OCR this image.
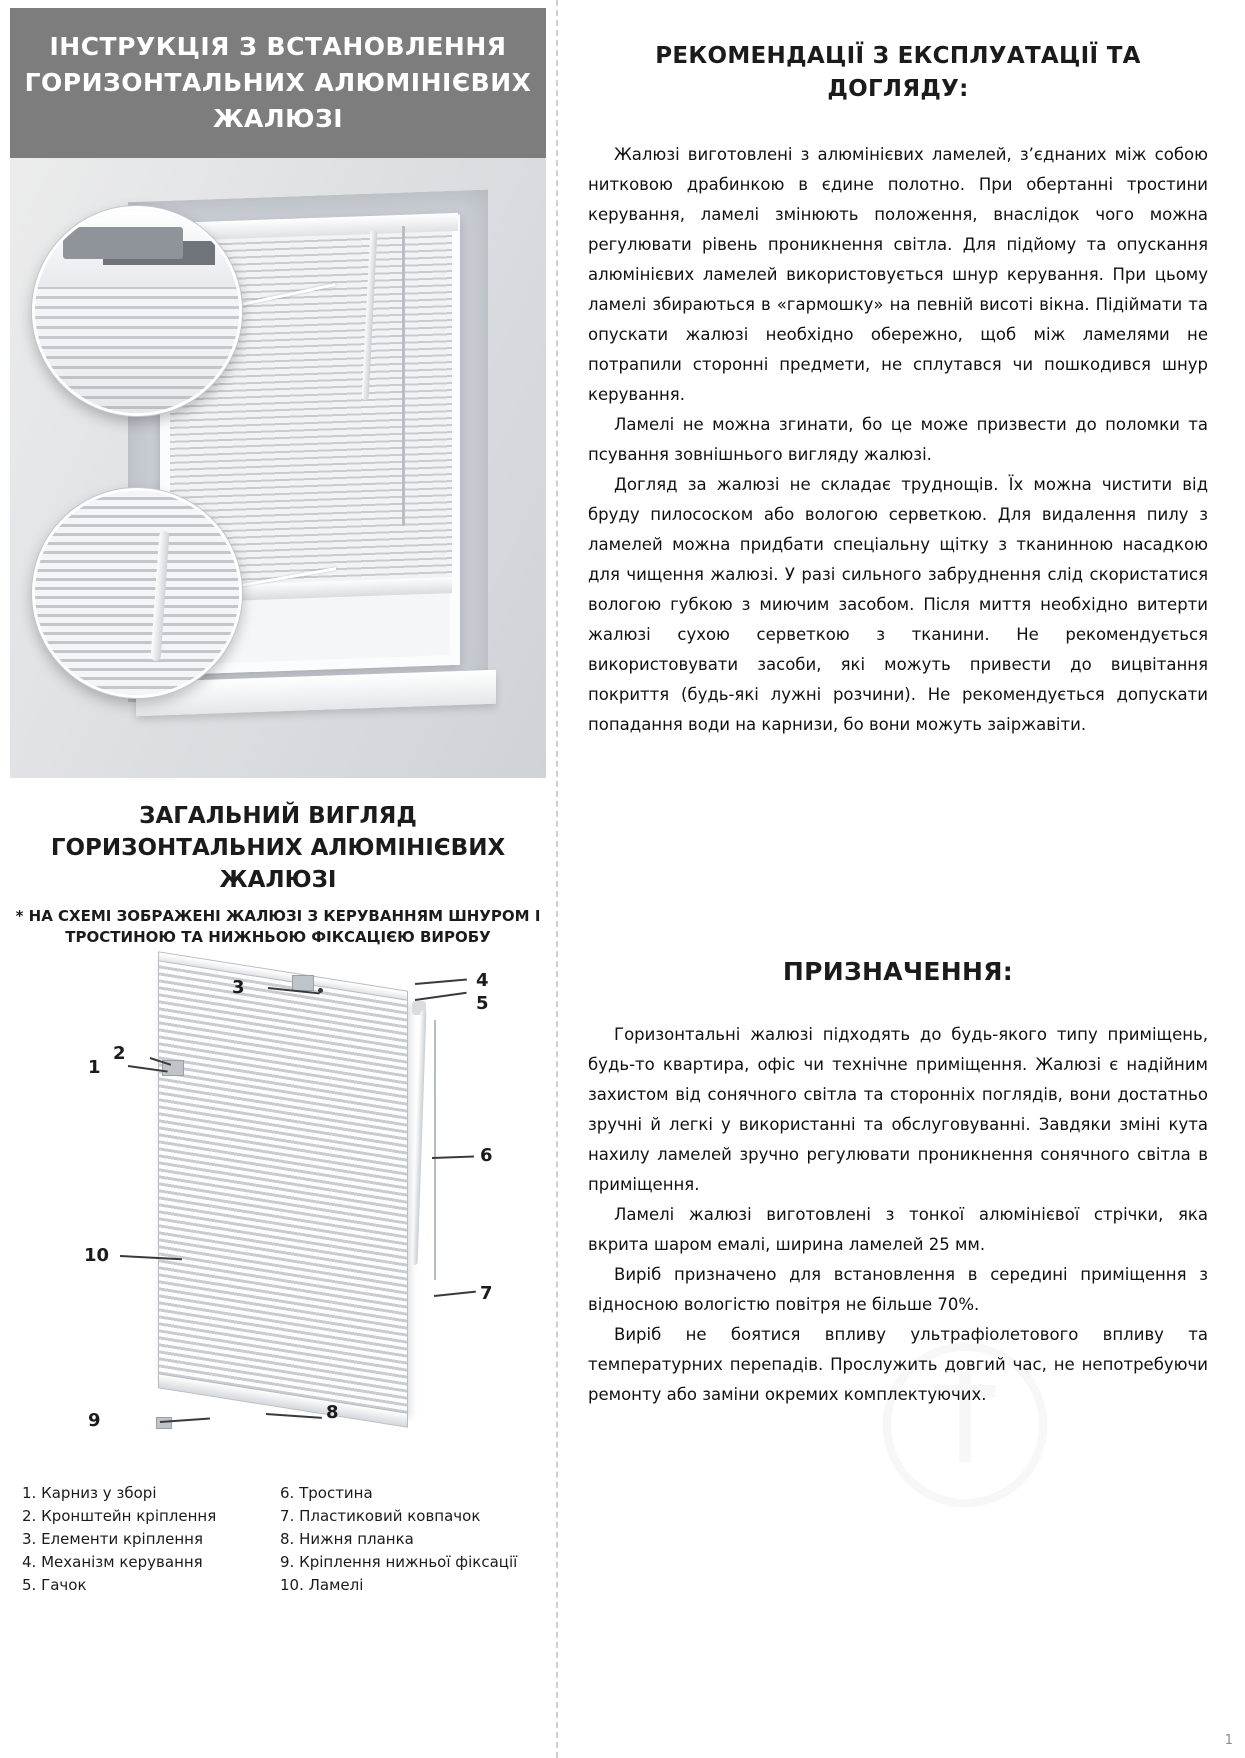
ІНСТРУКЦІЯ З ВСТАНОВЛЕННЯ ГОРИЗОНТАЛЬНИХ АЛЮМІНІЄВИХ ЖАЛЮЗІ
ЗАГАЛЬНИЙ ВИГЛЯД ГОРИЗОНТАЛЬНИХ АЛЮМІНІЄВИХ ЖАЛЮЗІ
* НА СХЕМІ ЗОБРАЖЕНІ ЖАЛЮЗІ З КЕРУВАННЯМ ШНУРОМ І ТРОСТИНОЮ ТА НИЖНЬОЮ ФІКСАЦІЄЮ ВИРОБУ
1
2
3	4
5
6
7
8
9
10
1. Карниз у зборі	6. Тростина
2. Кронштейн кріплення	7. Пластиковий ковпачок
3. Елементи кріплення	8. Нижня планка
4. Механізм керування	9. Кріплення нижньої фіксації
5. Гачок	10. Ламелі
РЕКОМЕНДАЦІЇ З ЕКСПЛУАТАЦІЇ ТА ДОГЛЯДУ:

Жалюзі виготовлені з алюмінієвих ламелей, з’єднаних між собою нитковою драбинкою в єдине полотно. При обертанні тростини керування, ламелі змінюють положення, внаслідок чого можна регулювати рівень проникнення світла. Для підйому та опускання алюмінієвих ламелей використовується шнур керування. При цьому ламелі збираються в «гармошку» на певній висоті вікна. Підіймати та опускати жалюзі необхідно обережно, щоб між ламелями не потрапили сторонні предмети, не сплутався чи пошкодився шнур керування.

Ламелі не можна згинати, бо це може призвести до поломки та псування зовнішнього вигляду жалюзі.

Догляд за жалюзі не складає труднощів. Їх можна чистити від бруду пилососком або вологою серветкою. Для видалення пилу з ламелей можна придбати спеціальну щітку з тканинною насадкою для чищення жалюзі. У разі сильного забруднення слід скористатися вологою губкою з миючим засобом. Після миття необхідно витерти жалюзі сухою серветкою з тканини. Не рекомендується використовувати засоби, які можуть привести до вицвітання покриття (будь-які лужні розчини). Не рекомендується допускати попадання води на карнизи, бо вони можуть заіржавіти.

ПРИЗНАЧЕННЯ:

Горизонтальні жалюзі підходять до будь-якого типу приміщень, будь-то квартира, офіс чи технічне приміщення. Жалюзі є надійним захистом від сонячного світла та сторонніх поглядів, вони достатньо зручні й легкі у використанні та обслуговуванні. Завдяки зміні кута нахилу ламелей зручно регулювати проникнення сонячного світла в приміщення.

Ламелі жалюзі виготовлені з тонкої алюмінієвої стрічки, яка вкрита шаром емалі, ширина ламелей 25 мм.

Виріб призначено для встановлення в середині приміщення з відносною вологістю повітря не більше 70%.

Виріб не боятися впливу ультрафіолетового впливу та температурних перепадів. Прослужить довгий час, не непотребуючи ремонту або заміни окремих комплектуючих.

1
